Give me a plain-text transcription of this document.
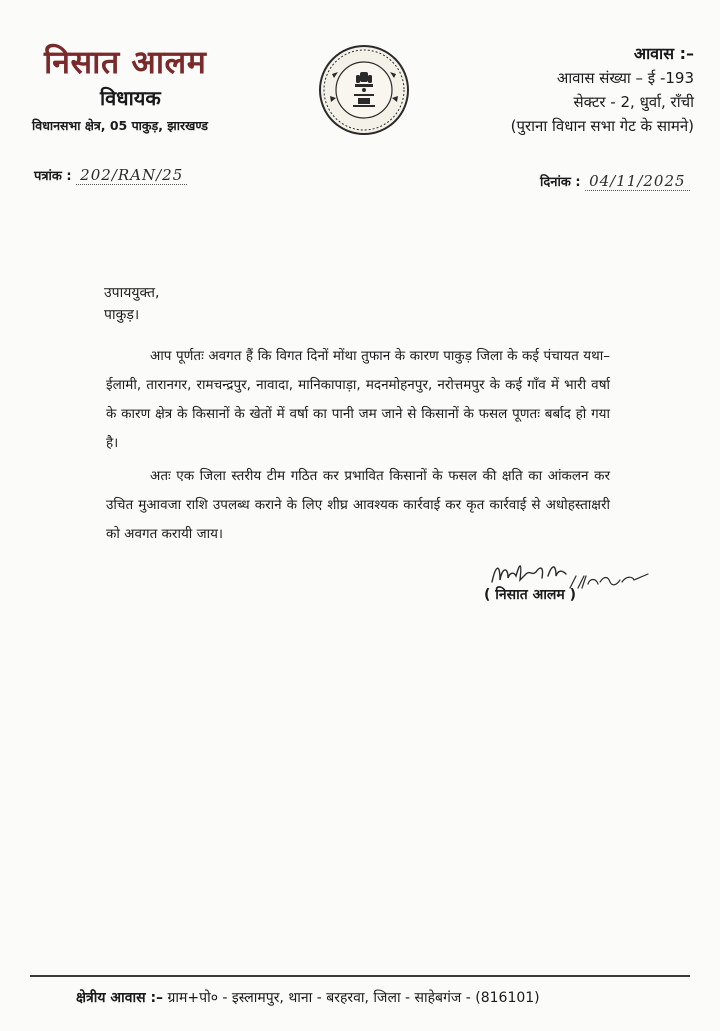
निसात आलम
विधायक
विधानसभा क्षेत्र, 05 पाकुड़, झारखण्ड
आवास :–
आवास संख्या – ई -193
सेक्टर - 2, धुर्वा, राँची
(पुराना विधान सभा गेट के सामने)
पत्रांक : 202/RAN/25	दिनांक : 04/11/2025
उपाययुक्त,
पाकुड़।

आप पूर्णतः अवगत हैं कि विगत दिनों मोंथा तुफान के कारण पाकुड़ जिला के कई पंचायत यथा– ईलामी, तारानगर, रामचन्द्रपुर, नावादा, मानिकापाड़ा, मदनमोहनपुर, नरोत्तमपुर के कई गाँव में भारी वर्षा के कारण क्षेत्र के किसानों के खेतों में वर्षा का पानी जम जाने से किसानों के फसल पूणतः बर्बाद हो गया है।

अतः एक जिला स्तरीय टीम गठित कर प्रभावित किसानों के फसल की क्षति का आंकलन कर उचित मुआवजा राशि उपलब्ध कराने के लिए शीघ्र आवश्यक कार्रवाई कर कृत कार्रवाई से अधोहस्ताक्षरी को अवगत करायी जाय।

( निसात आलम )
क्षेत्रीय आवास :– ग्राम+पो० - इस्लामपुर, थाना - बरहरवा, जिला - साहेबगंज - (816101)
